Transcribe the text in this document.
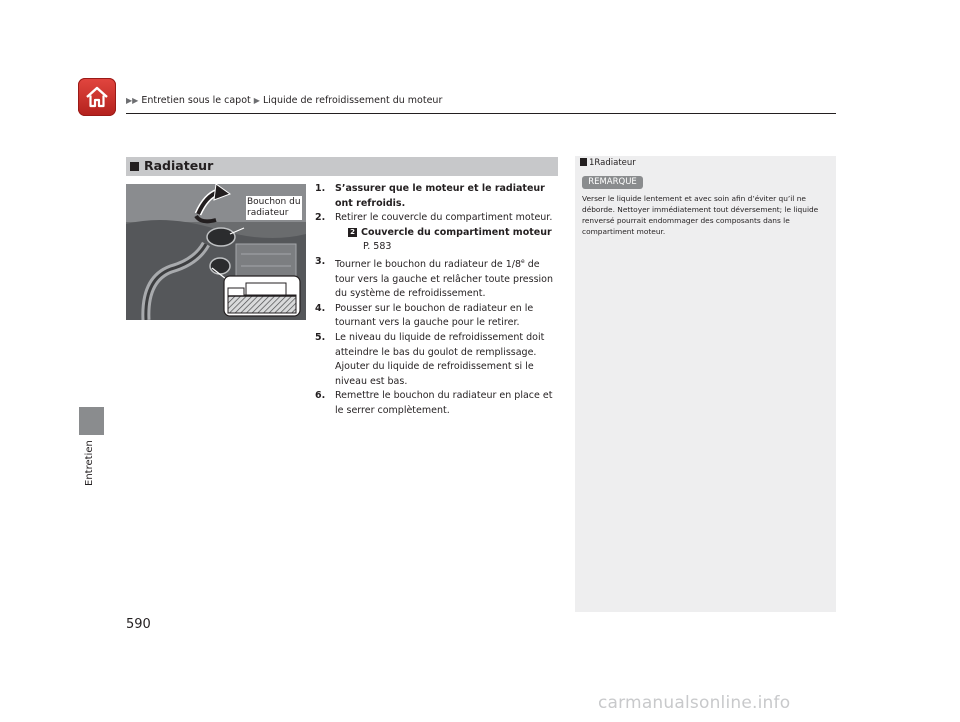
▶▶ Entretien sous le capot ▶ Liquide de refroidissement du moteur
Entretien
Radiateur
Bouchon du radiateur
1. S’assurer que le moteur et le radiateur ont refroidis.
2. Retirer le couvercle du compartiment moteur.
2 Couvercle du compartiment moteur
P. 583
3. Tourner le bouchon du radiateur de 1/8e de tour vers la gauche et relâcher toute pression du système de refroidissement.
4. Pousser sur le bouchon de radiateur en le tournant vers la gauche pour le retirer.
5. Le niveau du liquide de refroidissement doit atteindre le bas du goulot de remplissage. Ajouter du liquide de refroidissement si le niveau est bas.
6. Remettre le bouchon du radiateur en place et le serrer complètement.
1Radiateur
REMARQUE
Verser le liquide lentement et avec soin afin d’éviter qu’il ne déborde. Nettoyer immédiatement tout déversement; le liquide renversé pourrait endommager des composants dans le compartiment moteur.
590
carmanualsonline.info
